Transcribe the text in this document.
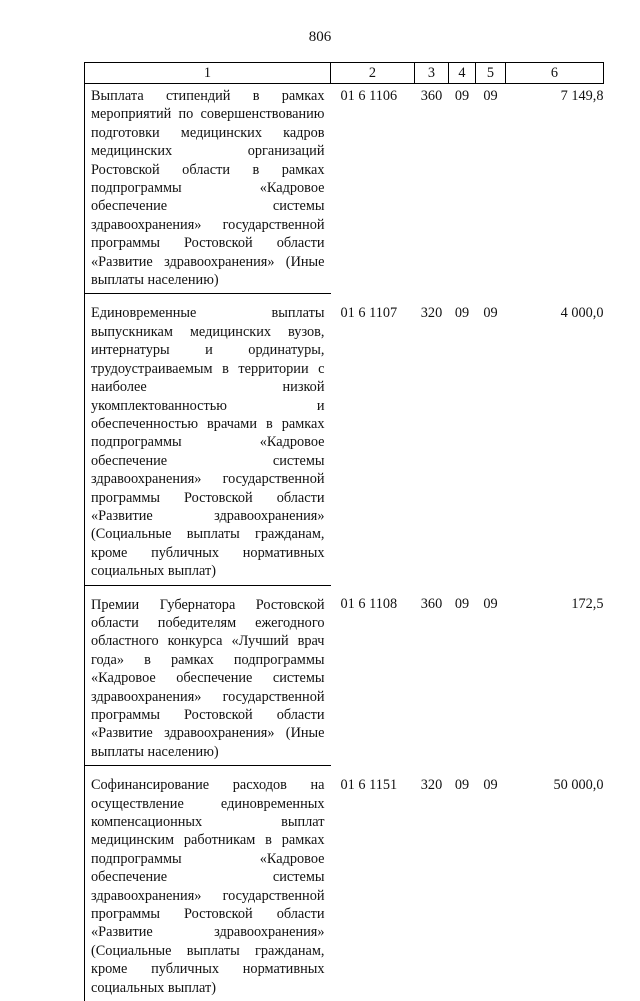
806
1	2	3	4	5	6
Выплата стипендий в рамках мероприятий по совершенствованию подготовки медицинских кадров медицинских организаций Ростовской области в рамках подпрограммы «Кадровое обеспечение системы здравоохранения» государственной программы Ростовской области «Развитие здравоохранения» (Иные выплаты населению)	01 6 1106	360	09	09	7 149,8
Единовременные выплаты выпускникам медицинских вузов, интернатуры и ординатуры, трудоустраиваемым в территории с наиболее низкой укомплектованностью и обеспеченностью врачами в рамках подпрограммы «Кадровое обеспечение системы здравоохранения» государственной программы Ростовской области «Развитие здравоохранения» (Социальные выплаты гражданам, кроме публичных нормативных социальных выплат)	01 6 1107	320	09	09	4 000,0
Премии Губернатора Ростовской области победителям ежегодного областного конкурса «Лучший врач года» в рамках подпрограммы «Кадровое обеспечение системы здравоохранения» государственной программы Ростовской области «Развитие здравоохранения» (Иные выплаты населению)	01 6 1108	360	09	09	172,5
Софинансирование расходов на осуществление единовременных компенсационных выплат медицинским работникам в рамках подпрограммы «Кадровое обеспечение системы здравоохранения» государственной программы Ростовской области «Развитие здравоохранения» (Социальные выплаты гражданам, кроме публичных нормативных социальных выплат)	01 6 1151	320	09	09	50 000,0
